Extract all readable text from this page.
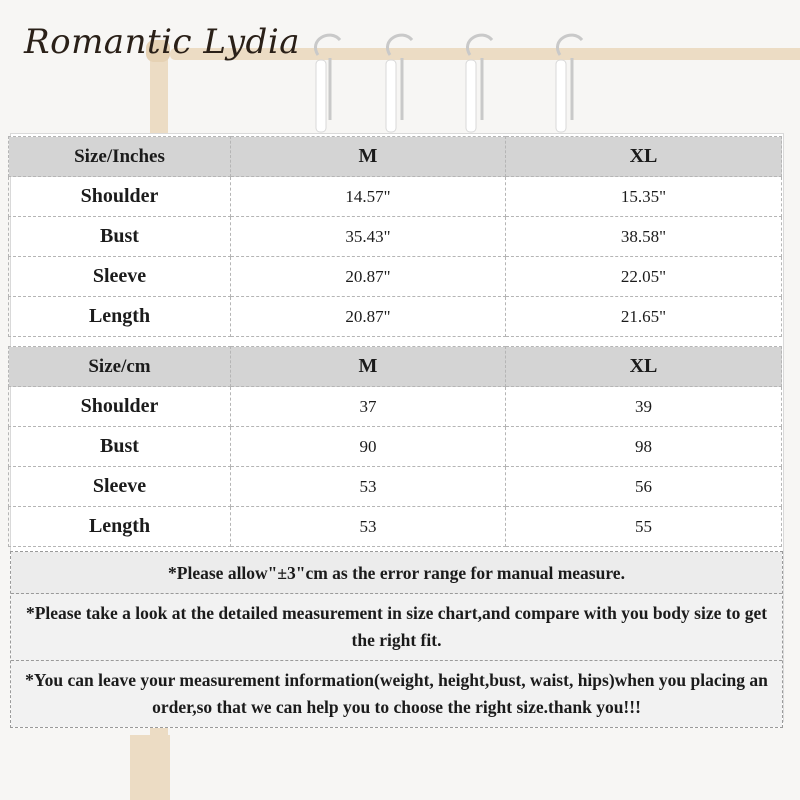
Romantic Lydia
Size/Inches	M	XL
Shoulder	14.57"	15.35"
Bust	35.43"	38.58"
Sleeve	20.87"	22.05"
Length	20.87"	21.65"
Size/cm	M	XL
Shoulder	37	39
Bust	90	98
Sleeve	53	56
Length	53	55
*Please allow"±3"cm as the error range for manual measure.
*Please take a look at the detailed measurement in size chart,and compare with you body size to get the right fit.
*You can leave your measurement information(weight, height,bust, waist, hips)when you placing an order,so that we can help you to choose the right size.thank you!!!
